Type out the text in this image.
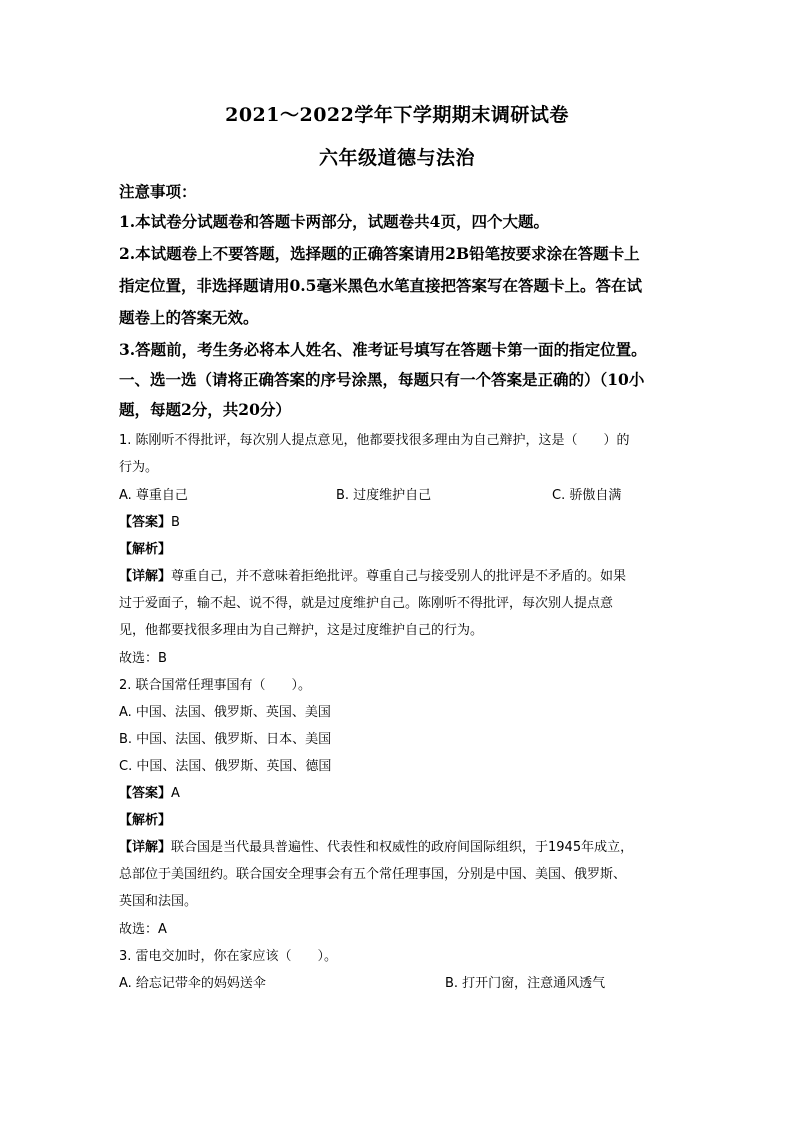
2021～2022学年下学期期末调研试卷
六年级道德与法治
注意事项：
1.本试卷分试题卷和答题卡两部分，试题卷共4页，四个大题。
2.本试题卷上不要答题，选择题的正确答案请用2B铅笔按要求涂在答题卡上
指定位置，非选择题请用0.5毫米黑色水笔直接把答案写在答题卡上。答在试
题卷上的答案无效。
3.答题前，考生务必将本人姓名、准考证号填写在答题卡第一面的指定位置。
一、选一选（请将正确答案的序号涂黑，每题只有一个答案是正确的）（10小
题，每题2分，共20分）
1. 陈刚听不得批评，每次别人提点意见，他都要找很多理由为自己辩护，这是（　　）的
行为。
A. 尊重自己	B. 过度维护自己	C. 骄傲自满
【答案】B
【解析】
【详解】尊重自己，并不意味着拒绝批评。尊重自己与接受别人的批评是不矛盾的。如果
过于爱面子，输不起、说不得，就是过度维护自己。陈刚听不得批评，每次别人提点意
见，他都要找很多理由为自己辩护，这是过度维护自己的行为。
故选：B
2. 联合国常任理事国有（　　）。
A. 中国、法国、俄罗斯、英国、美国
B. 中国、法国、俄罗斯、日本、美国
C. 中国、法国、俄罗斯、英国、德国
【答案】A
【解析】
【详解】联合国是当代最具普遍性、代表性和权威性的政府间国际组织，于1945年成立，
总部位于美国纽约。联合国安全理事会有五个常任理事国，分别是中国、美国、俄罗斯、
英国和法国。
故选：A
3. 雷电交加时，你在家应该（　　）。
A. 给忘记带伞的妈妈送伞	B. 打开门窗，注意通风透气
